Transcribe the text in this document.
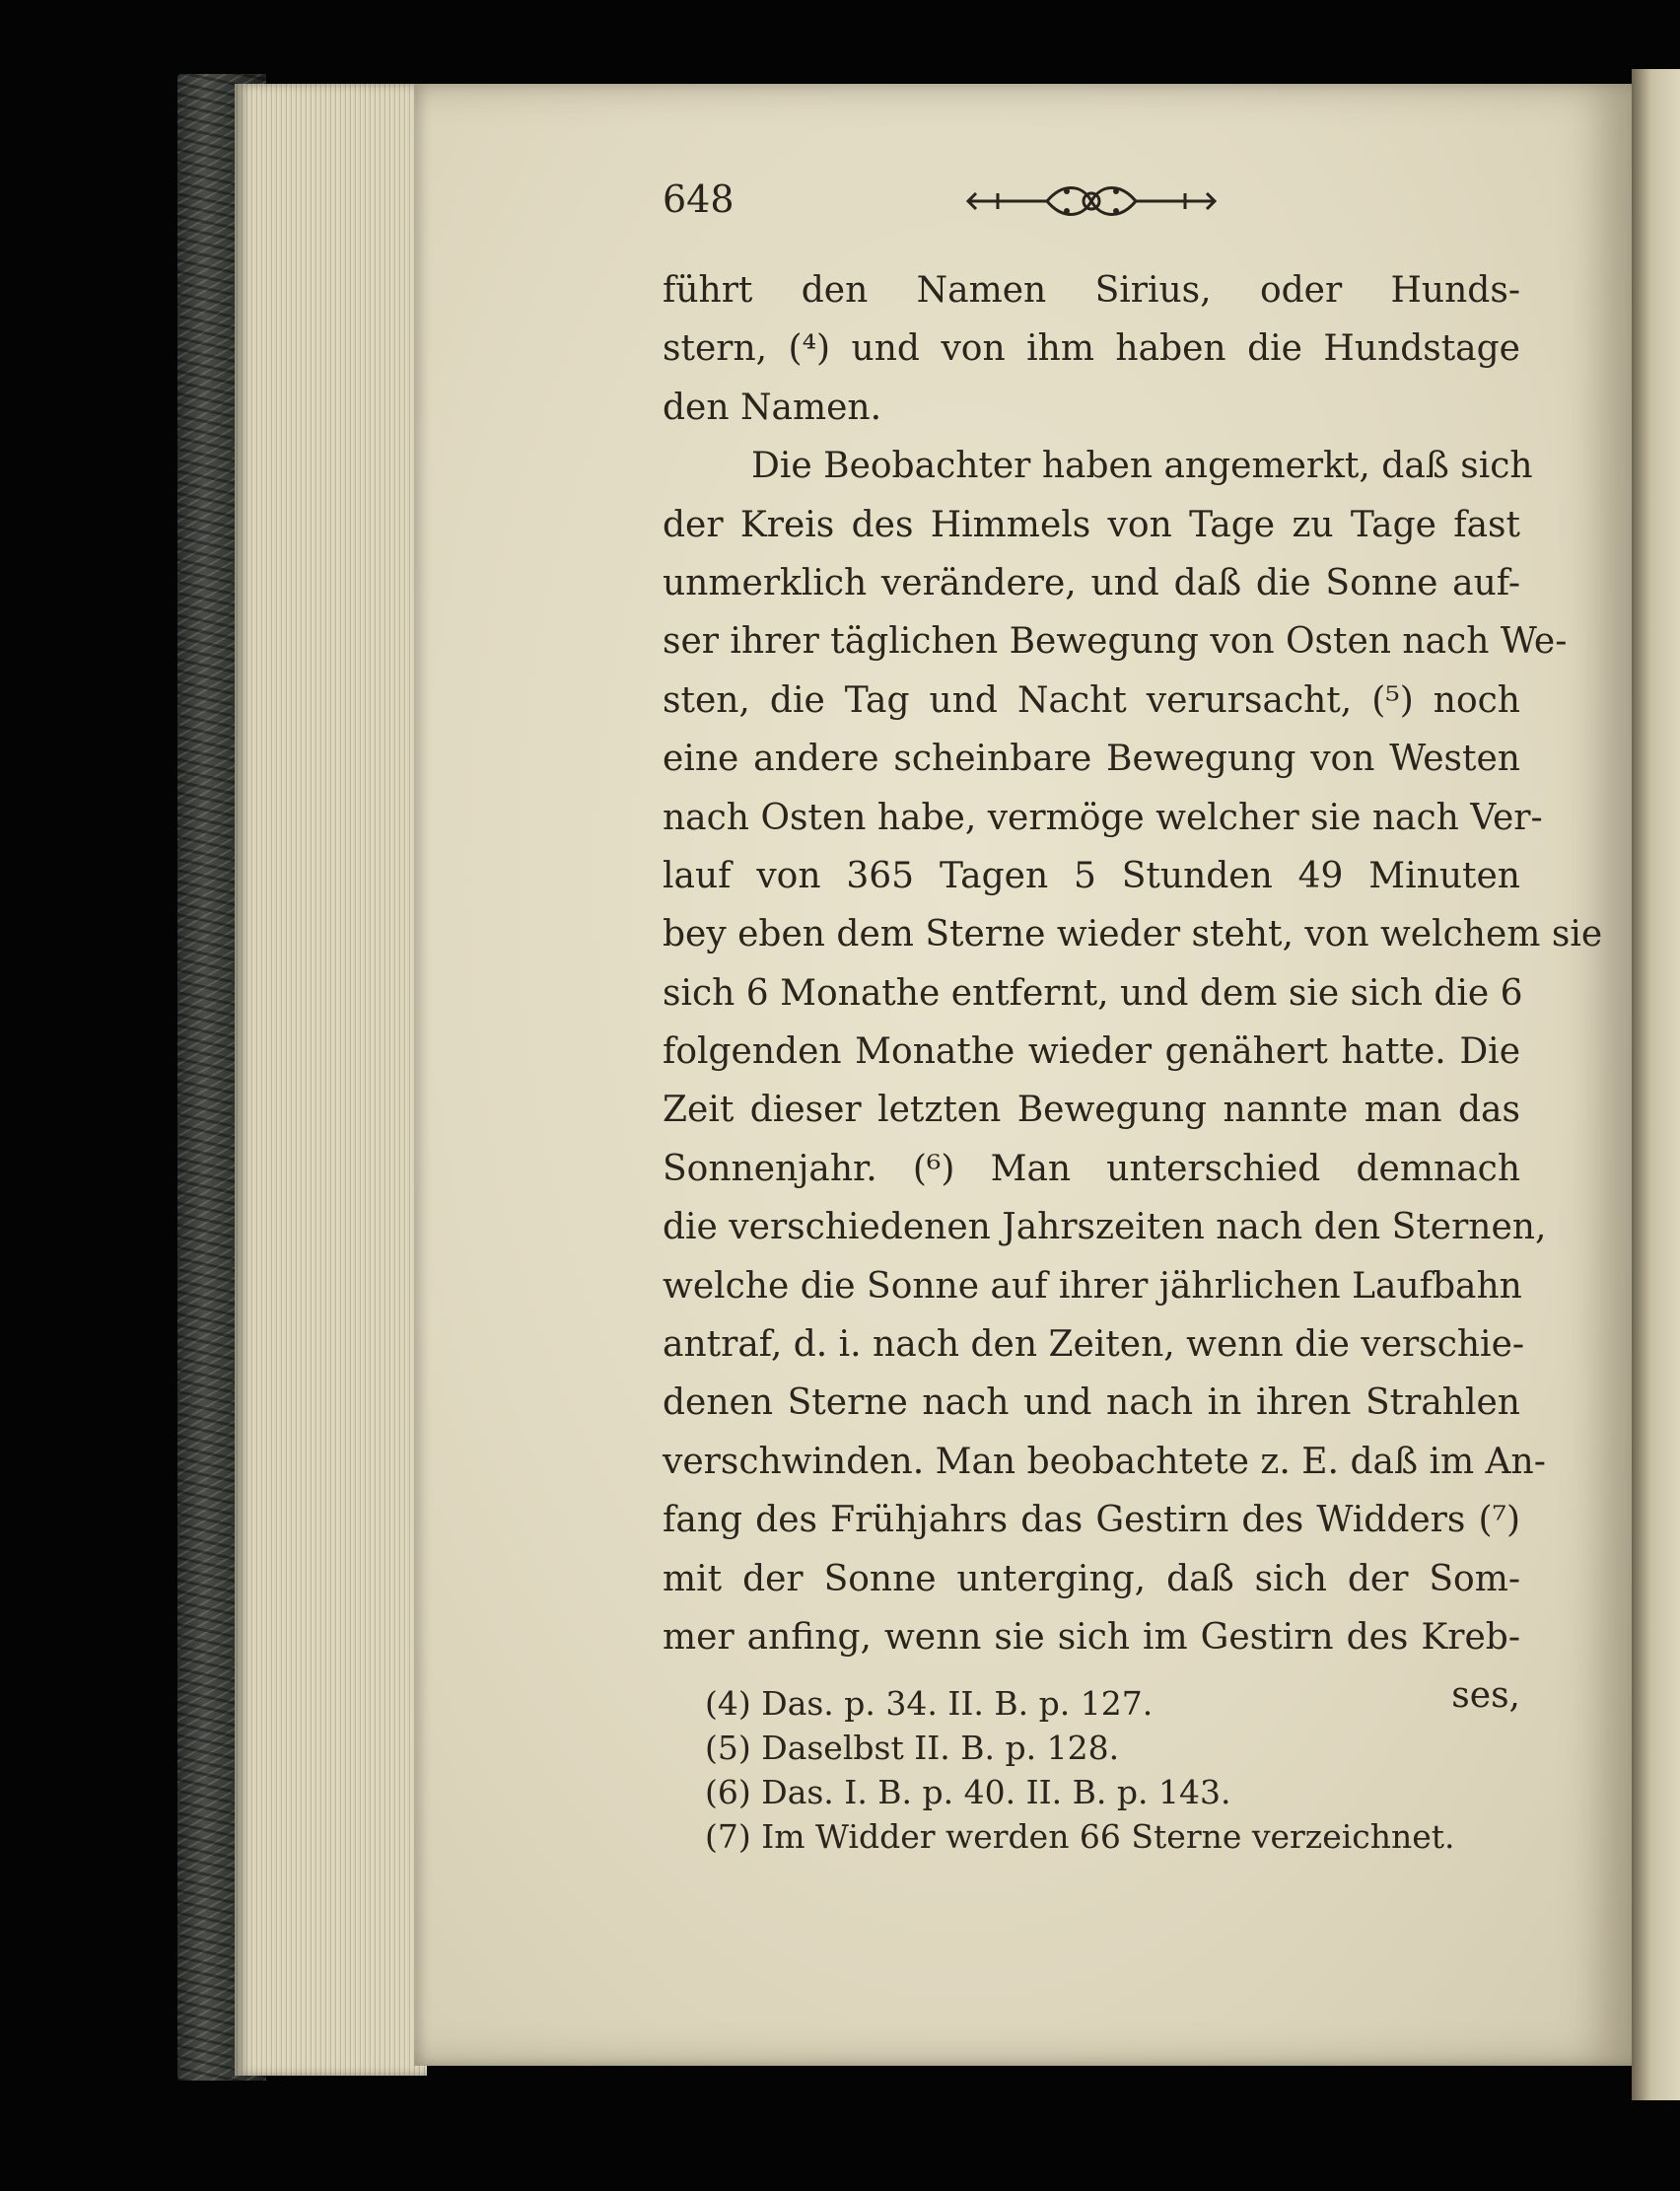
648
führt den Namen Sirius, oder Hunds-
stern, (⁴) und von ihm haben die Hundstage
den Namen.
Die Beobachter haben angemerkt, daß sich
der Kreis des Himmels von Tage zu Tage fast
unmerklich verändere, und daß die Sonne auf-
ser ihrer täglichen Bewegung von Osten nach We-
sten, die Tag und Nacht verursacht, (⁵) noch
eine andere scheinbare Bewegung von Westen
nach Osten habe, vermöge welcher sie nach Ver-
lauf von 365 Tagen 5 Stunden 49 Minuten
bey eben dem Sterne wieder steht, von welchem sie
sich 6 Monathe entfernt, und dem sie sich die 6
folgenden Monathe wieder genähert hatte. Die
Zeit dieser letzten Bewegung nannte man das
Sonnenjahr. (⁶) Man unterschied demnach
die verschiedenen Jahrszeiten nach den Sternen,
welche die Sonne auf ihrer jährlichen Laufbahn
antraf, d. i. nach den Zeiten, wenn die verschie-
denen Sterne nach und nach in ihren Strahlen
verschwinden. Man beobachtete z. E. daß im An-
fang des Frühjahrs das Gestirn des Widders (⁷)
mit der Sonne unterging, daß sich der Som-
mer anfing, wenn sie sich im Gestirn des Kreb-
ses,
(4) Das. p. 34. II. B. p. 127.
(5) Daselbst II. B. p. 128.
(6) Das. I. B. p. 40. II. B. p. 143.
(7) Im Widder werden 66 Sterne verzeichnet.
